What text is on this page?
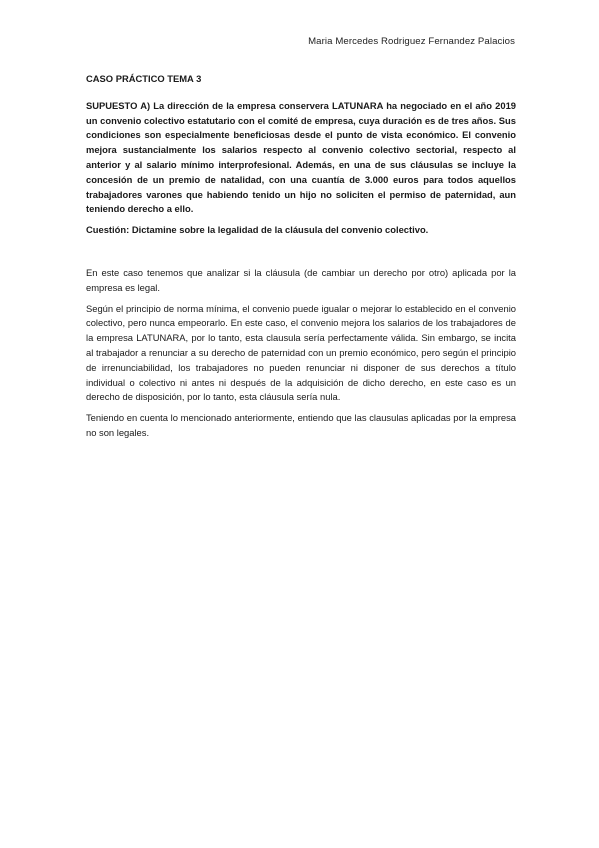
Maria Mercedes Rodriguez Fernandez Palacios

CASO PRÁCTICO TEMA 3

SUPUESTO A) La dirección de la empresa conservera LATUNARA ha negociado en el año 2019 un convenio colectivo estatutario con el comité de empresa, cuya duración es de tres años. Sus condiciones son especialmente beneficiosas desde el punto de vista económico. El convenio mejora sustancialmente los salarios respecto al convenio colectivo sectorial, respecto al anterior y al salario mínimo interprofesional. Además, en una de sus cláusulas se incluye la concesión de un premio de natalidad, con una cuantía de 3.000 euros para todos aquellos trabajadores varones que habiendo tenido un hijo no soliciten el permiso de paternidad, aun teniendo derecho a ello.

Cuestión: Dictamine sobre la legalidad de la cláusula del convenio colectivo.

En este caso tenemos que analizar si la cláusula (de cambiar un derecho por otro) aplicada por la empresa es legal.

Según el principio de norma mínima, el convenio puede igualar o mejorar lo establecido en el convenio colectivo, pero nunca empeorarlo. En este caso, el convenio mejora los salarios de los trabajadores de la empresa LATUNARA, por lo tanto, esta clausula sería perfectamente válida. Sin embargo, se incita al trabajador a renunciar a su derecho de paternidad con un premio económico, pero según el principio de irrenunciabilidad, los trabajadores no pueden renunciar ni disponer de sus derechos a título individual o colectivo ni antes ni después de la adquisición de dicho derecho, en este caso es un derecho de disposición, por lo tanto, esta cláusula sería nula.

Teniendo en cuenta lo mencionado anteriormente, entiendo que las clausulas aplicadas por la empresa no son legales.
